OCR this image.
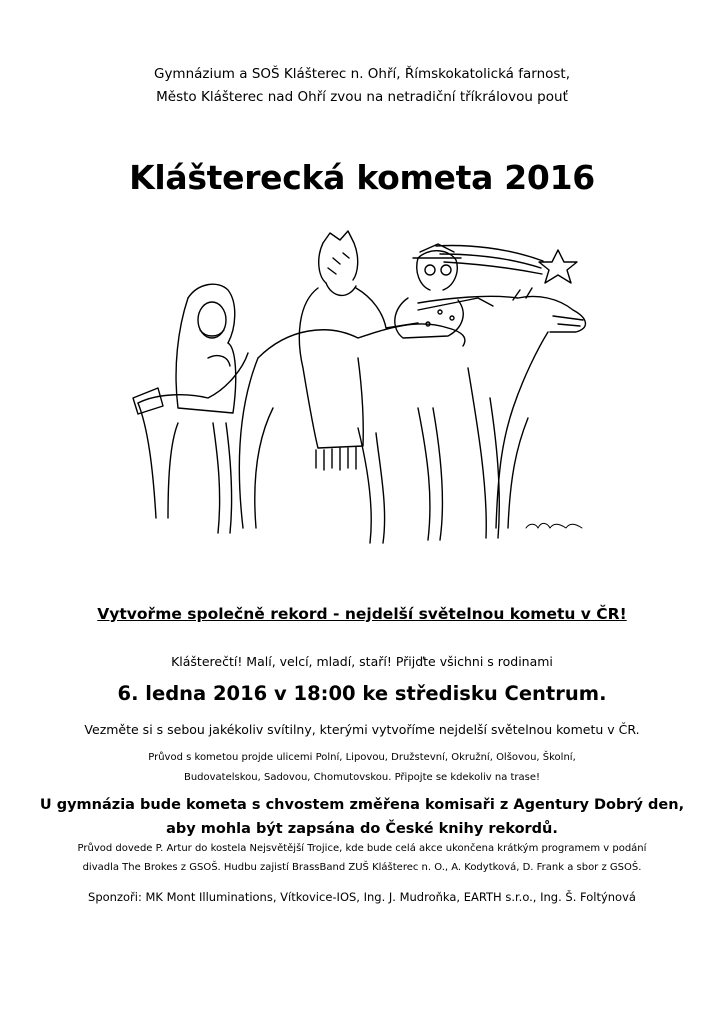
Gymnázium a SOŠ Klášterec n. Ohří, Římskokatolická farnost,
Město Klášterec nad Ohří zvou na netradiční tříkrálovou pouť
Klášterecká kometa 2016
Vytvořme společně rekord - nejdelší světelnou kometu v ČR!
Klášterečtí! Malí, velcí, mladí, staří! Přijďte všichni s rodinami
6. ledna 2016 v 18:00 ke středisku Centrum.
Vezměte si s sebou jakékoliv svítilny, kterými vytvoříme nejdelší světelnou kometu v ČR.
Průvod s kometou projde ulicemi Polní, Lipovou, Družstevní, Okružní, Olšovou, Školní,
Budovatelskou, Sadovou, Chomutovskou. Připojte se kdekoliv na trase!
U gymnázia bude kometa s chvostem změřena komisaři z Agentury Dobrý den,
aby mohla být zapsána do České knihy rekordů.
Průvod dovede P. Artur do kostela Nejsvětější Trojice, kde bude celá akce ukončena krátkým programem v podání
divadla The Brokes z GSOŠ. Hudbu zajistí BrassBand ZUŠ Klášterec n. O., A. Kodytková, D. Frank a sbor z GSOŠ.
Sponzoři: MK Mont Illuminations, Vítkovice-IOS, Ing. J. Mudroňka, EARTH s.r.o., Ing. Š. Foltýnová
